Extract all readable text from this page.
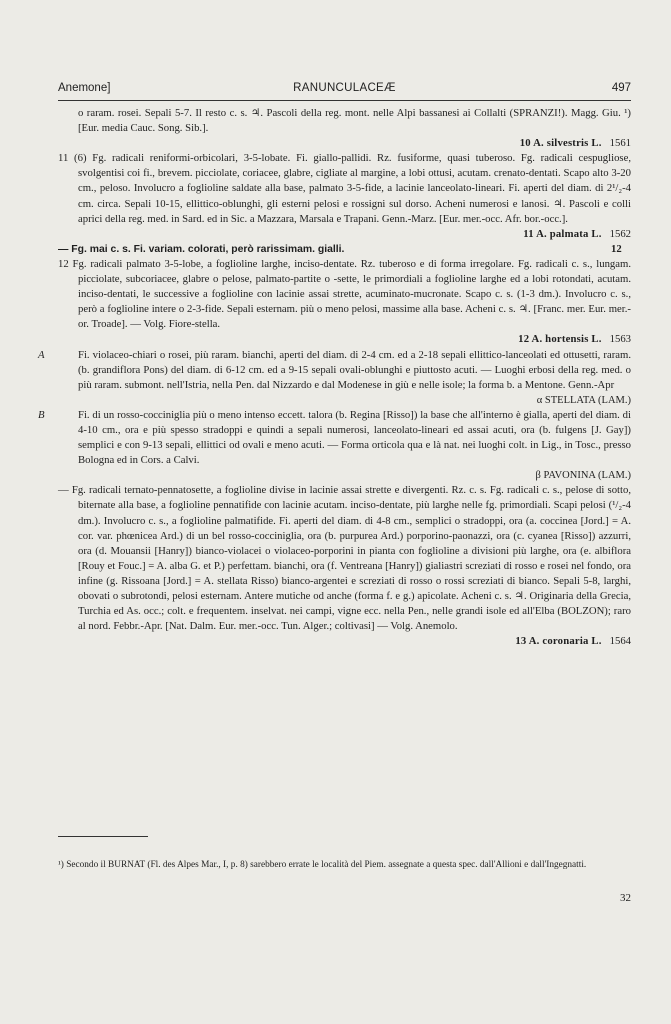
Anemone]	RANUNCULACEÆ	497

o raram. rosei. Sepali 5-7. Il resto c. s. ♃. Pascoli della reg. mont. nelle Alpi bassanesi ai Collalti (SPRANZI!). Magg. Giu. ¹) [Eur. media Cauc. Song. Sib.].

10 A. silvestris L. 1561

11 (6) Fg. radicali reniformi-orbicolari, 3-5-lobate. Fi. giallo-pallidi. Rz. fusiforme, quasi tuberoso. Fg. radicali cespugliose, svolgentisi coi fi., brevem. picciolate, coriacee, glabre, cigliate al margine, a lobi ottusi, acutam. crenato-dentati. Scapo alto 3-20 cm., peloso. Involucro a foglioline saldate alla base, palmato 3-5-fide, a lacinie lanceolato-lineari. Fi. aperti del diam. di 2¹/₂-4 cm. circa. Sepali 10-15, ellittico-oblunghi, gli esterni pelosi e rossigni sul dorso. Acheni numerosi e lanosi. ♃. Pascoli e colli aprici della reg. med. in Sard. ed in Sic. a Mazzara, Marsala e Trapani. Genn.-Marz. [Eur. mer.-occ. Afr. bor.-occ.].

11 A. palmata L. 1562

— Fg. mai c. s. Fi. variam. colorati, però rarissimam. gialli.	12

12 Fg. radicali palmato 3-5-lobe, a foglioline larghe, inciso-dentate. Rz. tuberoso e di forma irregolare. Fg. radicali c. s., lungam. picciolate, subcoriacee, glabre o pelose, palmato-partite o -sette, le primordiali a foglioline larghe ed a lobi rotondati, acutam. inciso-dentati, le successive a foglioline con lacinie assai strette, acuminato-mucronate. Scapo c. s. (1-3 dm.). Involucro c. s., però a foglioline intere o 2-3-fide. Sepali esternam. più o meno pelosi, massime alla base. Acheni c. s. ♃. [Franc. mer. Eur. mer.-or. Troade]. — Volg. Fiore-stella.

12 A. hortensis L. 1563

A	Fi. violaceo-chiari o rosei, più raram. bianchi, aperti del diam. di 2-4 cm. ed a 2-18 sepali ellittico-lanceolati ed ottusetti, raram. (b. grandiflora Pons) del diam. di 6-12 cm. ed a 9-15 sepali ovali-oblunghi e piuttosto acuti. — Luoghi erbosi della reg. med. o più raram. submont. nell'Istria, nella Pen. dal Nizzardo e dal Modenese in giù e nelle isole; la forma b. a Mentone. Genn.-Apr

α STELLATA (LAM.)

B	Fi. di un rosso-cocciniglia più o meno intenso eccett. talora (b. Regina [Risso]) la base che all'interno è gialla, aperti del diam. di 4-10 cm., ora e più spesso stradoppi e quindi a sepali numerosi, lanceolato-lineari ed assai acuti, ora (b. fulgens [J. Gay]) semplici e con 9-13 sepali, ellittici od ovali e meno acuti. — Forma orticola qua e là nat. nei luoghi colt. in Lig., in Tosc., presso Bologna ed in Cors. a Calvi.

β PAVONINA (LAM.)

— Fg. radicali ternato-pennatosette, a foglioline divise in lacinie assai strette e divergenti. Rz. c. s. Fg. radicali c. s., pelose di sotto, biternate alla base, a foglioline pennatifide con lacinie acutam. inciso-dentate, più larghe nelle fg. primordiali. Scapi pelosi (¹/₂-4 dm.). Involucro c. s., a foglioline palmatifide. Fi. aperti del diam. di 4-8 cm., semplici o stradoppi, ora (a. coccinea [Jord.] = A. cor. var. phœnicea Ard.) di un bel rosso-cocciniglia, ora (b. purpurea Ard.) porporino-paonazzi, ora (c. cyanea [Risso]) azzurri, ora (d. Mouansii [Hanry]) bianco-violacei o violaceo-porporini in pianta con foglioline a divisioni più larghe, ora (e. albiflora [Rouy et Fouc.] = A. alba G. et P.) perfettam. bianchi, ora (f. Ventreana [Hanry]) gialiastri screziati di rosso e rosei nel fondo, ora infine (g. Rissoana [Jord.] = A. stellata Risso) bianco-argentei e screziati di rosso o rossi screziati di bianco. Sepali 5-8, larghi, obovati o subrotondi, pelosi esternam. Antere mutiche od anche (forma f. e g.) apicolate. Acheni c. s. ♃. Originaria della Grecia, Turchia ed As. occ.; colt. e frequentem. inselvat. nei campi, vigne ecc. nella Pen., nelle grandi isole ed all'Elba (BOLZON); raro al nord. Febbr.-Apr. [Nat. Dalm. Eur. mer.-occ. Tun. Alger.; coltivasi] — Volg. Anemolo.

13 A. coronaria L. 1564

¹) Secondo il BURNAT (Fl. des Alpes Mar., I, p. 8) sarebbero errate le località del Piem. assegnate a questa spec. dall'Allioni e dall'Ingegnatti.

32
